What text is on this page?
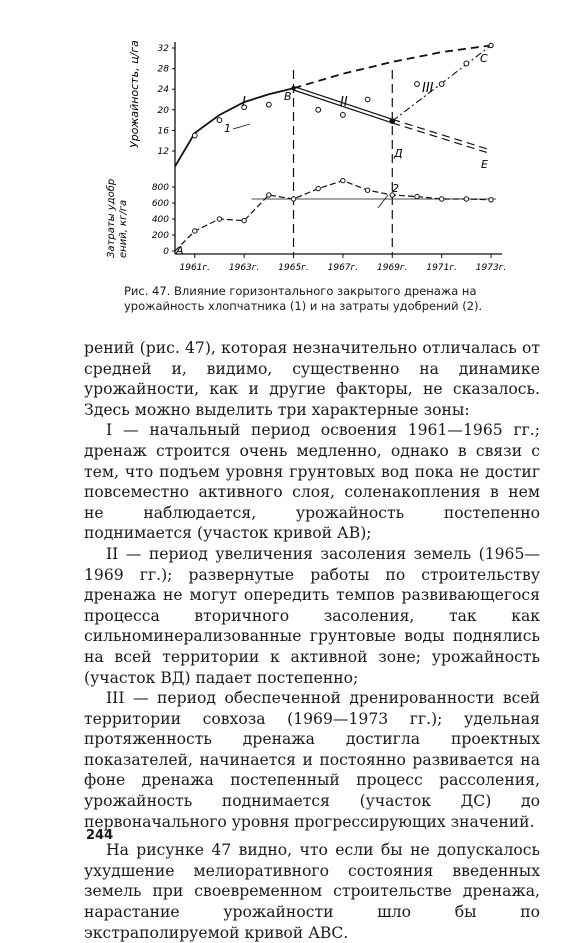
1961г. 1963г. 1965г. 1967г. 1969г. 1971г. 1973г.
12
16
20
24
28
32
0
200
400
600
800
Урожайность, ц/га
Затраты удобр ений, кг/га
I	II
III
A
B
Д
C
E
1
2
Рис. 47. Влияние горизонтального закрытого дренажа на урожайность хлопчатника (1) и на затраты удобрений (2).

рений (рис. 47), которая незначительно отличалась от средней и, видимо, существенно на динамике урожайности, как и другие факторы, не сказалось. Здесь можно выделить три характерные зоны:

I — начальный период освоения 1961—1965 гг.; дренаж строится очень медленно, однако в связи с тем, что подъем уровня грунтовых вод пока не достиг повсеместно активного слоя, соленакопления в нем не наблюдается, урожайность постепенно поднимается (участок кривой АВ);

II — период увеличения засоления земель (1965—1969 гг.); развернутые работы по строительству дренажа не могут опередить темпов развивающегося процесса вторичного засоления, так как сильноминерализованные грунтовые воды поднялись на всей территории к активной зоне; урожайность (участок ВД) падает постепенно;

III — период обеспеченной дренированности всей территории совхоза (1969—1973 гг.); удельная протяженность дренажа достигла проектных показателей, начинается и постоянно развивается на фоне дренажа постепенный процесс рассоления, урожайность поднимается (участок ДС) до первоначального уровня прогрессирующих значений.

На рисунке 47 видно, что если бы не допускалось ухудшение мелиоративного состояния введенных земель при своевременном строительстве дренажа, нарастание урожайности шло бы по экстраполируемой кривой АВС.

244
